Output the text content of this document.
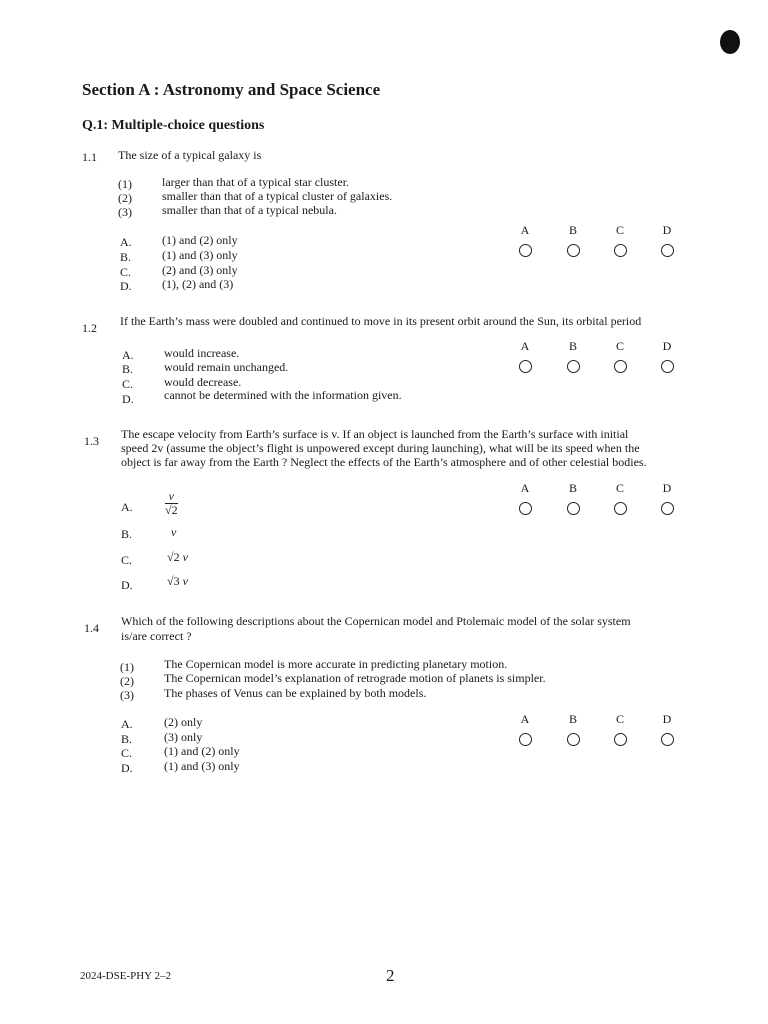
Section A : Astronomy and Space Science
Q.1: Multiple-choice questions
1.1 The size of a typical galaxy is
(1)	larger than that of a typical star cluster.
(2)	smaller than that of a typical cluster of galaxies.
(3)	smaller than that of a typical nebula.
A.	(1) and (2) only
B.	(1) and (3) only
C.	(2) and (3) only
D.	(1), (2) and (3)
A	B	C	D
1.2 If the Earth’s mass were doubled and continued to move in its present orbit around the Sun, its orbital period
A.	would increase.
B.	would remain unchanged.
C.	would decrease.
D.	cannot be determined with the information given.
A	B	C	D
1.3 The escape velocity from Earth’s surface is v. If an object is launched from the Earth’s surface with initial
speed 2v (assume the object’s flight is unpowered except during launching), what will be its speed when the
object is far away from the Earth ? Neglect the effects of the Earth’s atmosphere and of other celestial bodies.
A.	$\frac{v}{√2}$
B.	v
C.	√2 v
D.	√3 v
A	B	C	D
1.4 Which of the following descriptions about the Copernican model and Ptolemaic model of the solar system
is/are correct ?
(1)	The Copernican model is more accurate in predicting planetary motion.
(2)	The Copernican model’s explanation of retrograde motion of planets is simpler.
(3)	The phases of Venus can be explained by both models.
A.	(2) only
B.	(3) only
C.	(1) and (2) only
D.	(1) and (3) only
A	B	C	D
2024-DSE-PHY 2–2	2
